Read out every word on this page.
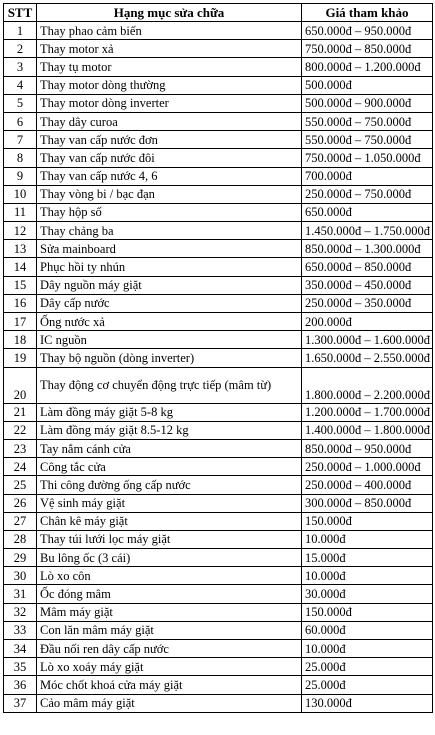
STT	Hạng mục sửa chữa	Giá tham khảo
1	Thay phao cảm biến	650.000đ – 950.000đ
2	Thay motor xả	750.000đ – 850.000đ
3	Thay tụ motor	800.000đ – 1.200.000đ
4	Thay motor dòng thường	500.000đ
5	Thay motor dòng inverter	500.000đ – 900.000đ
6	Thay dây curoa	550.000đ – 750.000đ
7	Thay van cấp nước đơn	550.000đ – 750.000đ
8	Thay van cấp nước đôi	750.000đ – 1.050.000đ
9	Thay van cấp nước 4, 6	700.000đ
10	Thay vòng bi / bạc đạn	250.000đ – 750.000đ
11	Thay hộp số	650.000đ
12	Thay chảng ba	1.450.000đ – 1.750.000đ
13	Sửa mainboard	850.000đ – 1.300.000đ
14	Phục hồi ty nhún	650.000đ – 850.000đ
15	Dây nguồn máy giặt	350.000đ – 450.000đ
16	Dây cấp nước	250.000đ – 350.000đ
17	Ống nước xả	200.000đ
18	IC nguồn	1.300.000đ – 1.600.000đ
19	Thay bộ nguồn (dòng inverter)	1.650.000đ – 2.550.000đ
20	Thay động cơ chuyển động trực tiếp (mâm từ)	1.800.000đ – 2.200.000đ
21	Làm đồng máy giặt 5-8 kg	1.200.000đ – 1.700.000đ
22	Làm đồng máy giặt 8.5-12 kg	1.400.000đ – 1.800.000đ
23	Tay nắm cánh cửa	850.000đ – 950.000đ
24	Công tắc cửa	250.000đ – 1.000.000đ
25	Thi công đường ống cấp nước	250.000đ – 400.000đ
26	Vệ sinh máy giặt	300.000đ – 850.000đ
27	Chân kê máy giặt	150.000đ
28	Thay túi lưới lọc máy giặt	10.000đ
29	Bu lông ốc (3 cái)	15.000đ
30	Lò xo côn	10.000đ
31	Ốc đóng mâm	30.000đ
32	Mâm máy giặt	150.000đ
33	Con lăn mâm máy giặt	60.000đ
34	Đầu nối ren dây cấp nước	10.000đ
35	Lò xo xoáy máy giặt	25.000đ
36	Móc chốt khoá cửa máy giặt	25.000đ
37	Cảo mâm máy giặt	130.000đ
